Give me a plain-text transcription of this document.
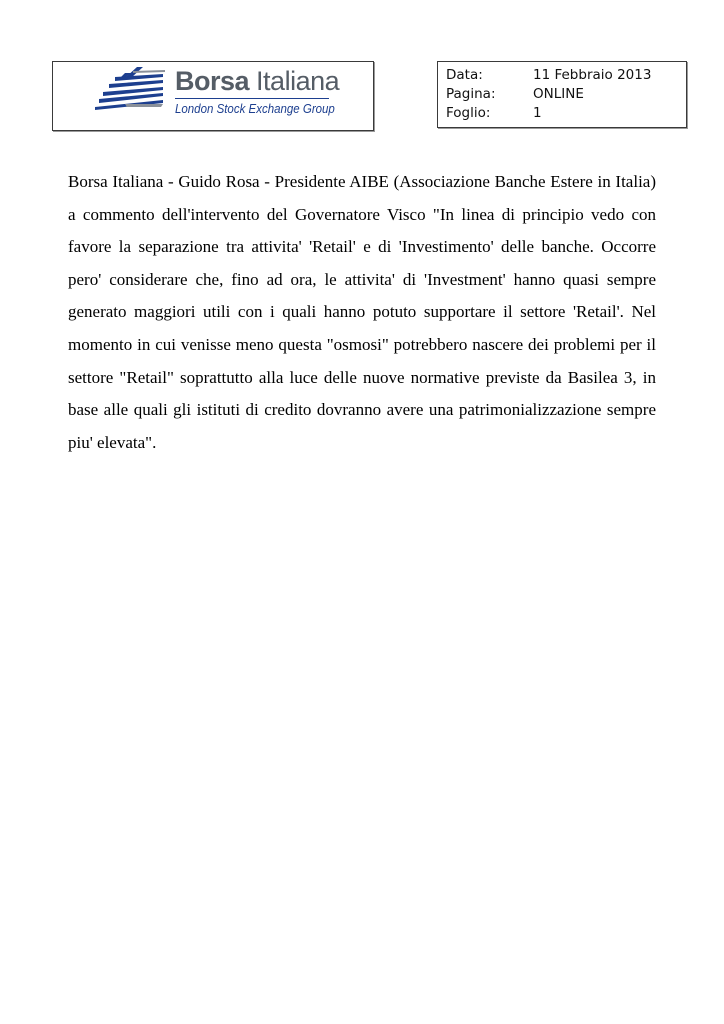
Borsa Italiana
London Stock Exchange Group
Data:	11 Febbraio 2013
Pagina:	ONLINE
Foglio:	1

Borsa Italiana - Guido Rosa - Presidente AIBE (Associazione Banche Estere in Italia) a commento dell'intervento del Governatore Visco "In linea di principio vedo con favore la separazione tra attivita' 'Retail' e di 'Investimento' delle banche. Occorre pero' considerare che, fino ad ora, le attivita' di 'Investment' hanno quasi sempre generato maggiori utili con i quali hanno potuto supportare il settore 'Retail'. Nel momento in cui venisse meno questa "osmosi" potrebbero nascere dei problemi per il settore "Retail" soprattutto alla luce delle nuove normative previste da Basilea 3, in base alle quali gli istituti di credito dovranno avere una patrimonializzazione sempre piu' elevata".
